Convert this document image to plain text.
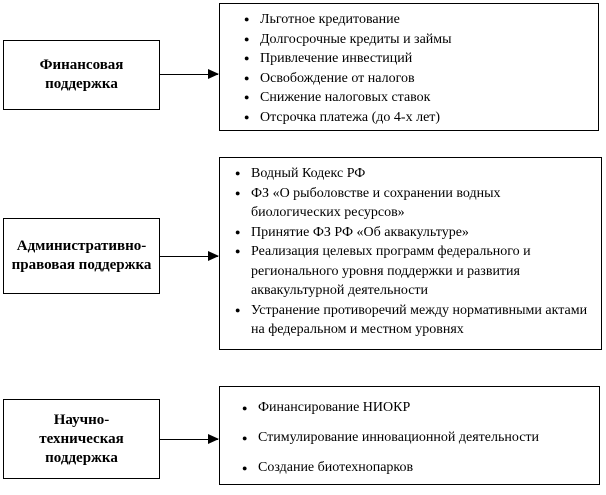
Финансовая поддержка
● Льготное кредитование
● Долгосрочные кредиты и займы
● Привлечение инвестиций
● Освобождение от налогов
● Снижение налоговых ставок
● Отсрочка платежа (до 4-х лет)
Административно-правовая поддержка
● Водный Кодекс РФ
● ФЗ «О рыболовстве и сохранении водных биологических ресурсов»
● Принятие ФЗ РФ «Об аквакультуре»
● Реализация целевых программ федерального и регионального уровня поддержки и развития аквакультурной деятельности
● Устранение противоречий между нормативными актами на федеральном и местном уровнях
Научно-техническая поддержка
● Финансирование НИОКР
● Стимулирование инновационной деятельности
● Создание биотехнопарков
